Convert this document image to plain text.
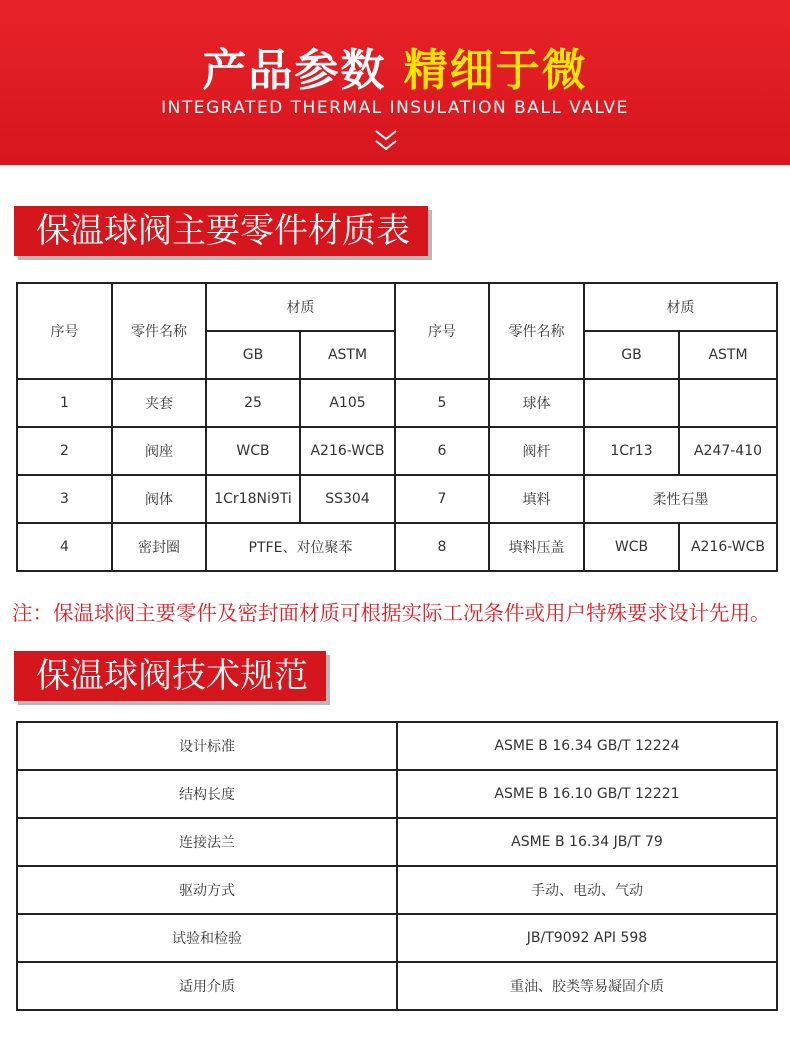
产品参数 精细于微
INTEGRATED THERMAL INSULATION BALL VALVE
保温球阀主要零件材质表
序号	零件名称	材质		序号	零件名称	材质	
		GB	ASTM			GB	ASTM
1	夹套	25	A105	5	球体		
2	阀座	WCB	A216-WCB	6	阀杆	1Cr13	A247-410
3	阀体	1Cr18Ni9Ti	SS304	7	填料	柔性石墨	
4	密封圈	PTFE、对位聚苯		8	填料压盖	WCB	A216-WCB
注：保温球阀主要零件及密封面材质可根据实际工况条件或用户特殊要求设计先用。
保温球阀技术规范
设计标准	ASME B 16.34 GB/T 12224
结构长度	ASME B 16.10 GB/T 12221
连接法兰	ASME B 16.34 JB/T 79
驱动方式	手动、电动、气动
试验和检验	JB/T9092 API 598
适用介质	重油、胶类等易凝固介质
